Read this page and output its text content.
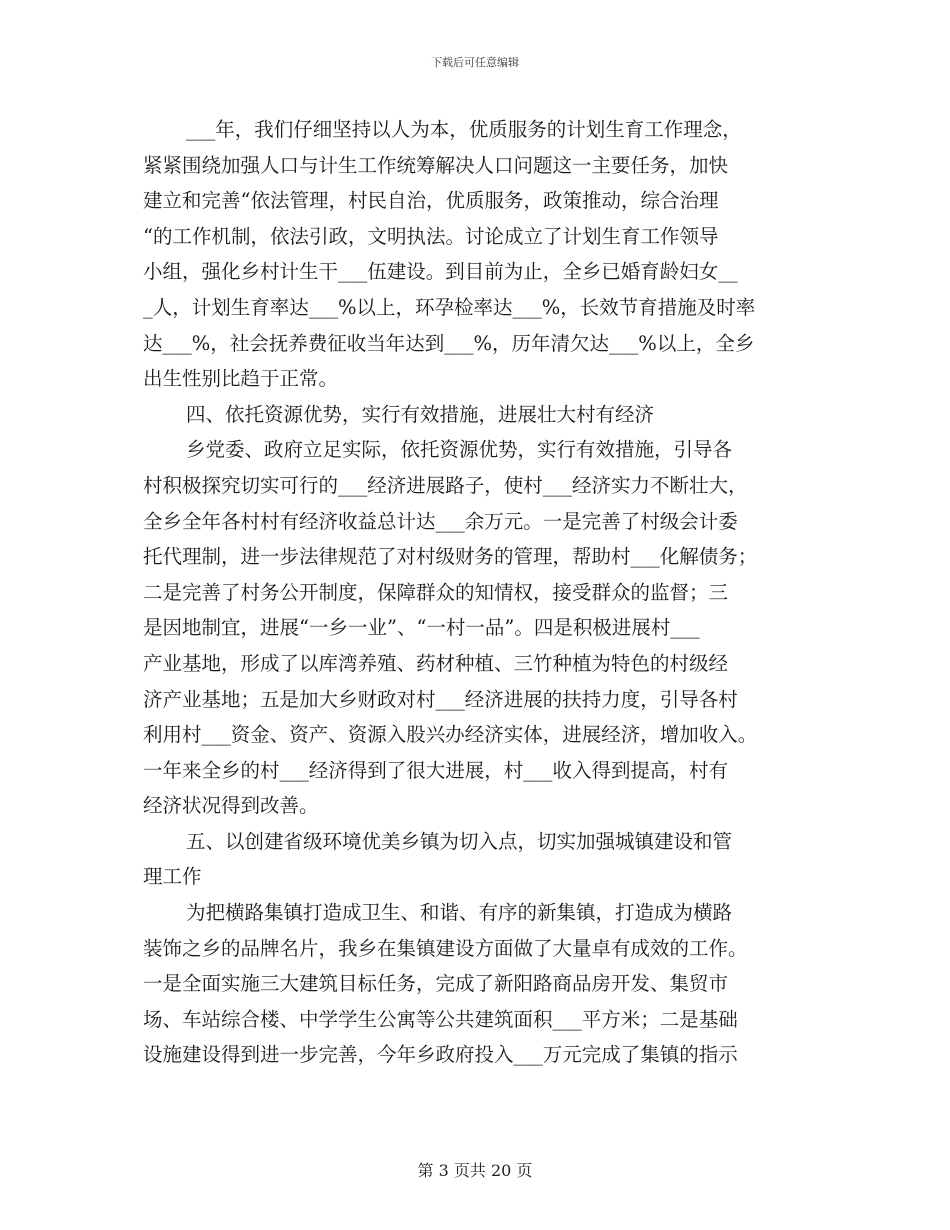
下载后可任意编辑
___年，我们仔细坚持以人为本，优质服务的计划生育工作理念，
紧紧围绕加强人口与计生工作统筹解决人口问题这一主要任务，加快
建立和完善“依法管理，村民自治，优质服务，政策推动，综合治理
“的工作机制，依法引政，文明执法。讨论成立了计划生育工作领导
小组，强化乡村计生干___伍建设。到目前为止，全乡已婚育龄妇女__
_人，计划生育率达___%以上，环孕检率达___%，长效节育措施及时率
达___%，社会抚养费征收当年达到___%，历年清欠达___%以上，全乡
出生性别比趋于正常。
四、依托资源优势，实行有效措施，进展壮大村有经济
乡党委、政府立足实际，依托资源优势，实行有效措施，引导各
村积极探究切实可行的___经济进展路子，使村___经济实力不断壮大，
全乡全年各村村有经济收益总计达___余万元。一是完善了村级会计委
托代理制，进一步法律规范了对村级财务的管理，帮助村___化解债务；
二是完善了村务公开制度，保障群众的知情权，接受群众的监督；三
是因地制宜，进展“一乡一业”、“一村一品”。四是积极进展村___
产业基地，形成了以库湾养殖、药材种植、三竹种植为特色的村级经
济产业基地；五是加大乡财政对村___经济进展的扶持力度，引导各村
利用村___资金、资产、资源入股兴办经济实体，进展经济，增加收入。
一年来全乡的村___经济得到了很大进展，村___收入得到提高，村有
经济状况得到改善。
五、以创建省级环境优美乡镇为切入点，切实加强城镇建设和管
理工作
为把横路集镇打造成卫生、和谐、有序的新集镇，打造成为横路
装饰之乡的品牌名片，我乡在集镇建设方面做了大量卓有成效的工作。
一是全面实施三大建筑目标任务，完成了新阳路商品房开发、集贸市
场、车站综合楼、中学学生公寓等公共建筑面积___平方米；二是基础
设施建设得到进一步完善，今年乡政府投入___万元完成了集镇的指示
第 3 页共 20 页
